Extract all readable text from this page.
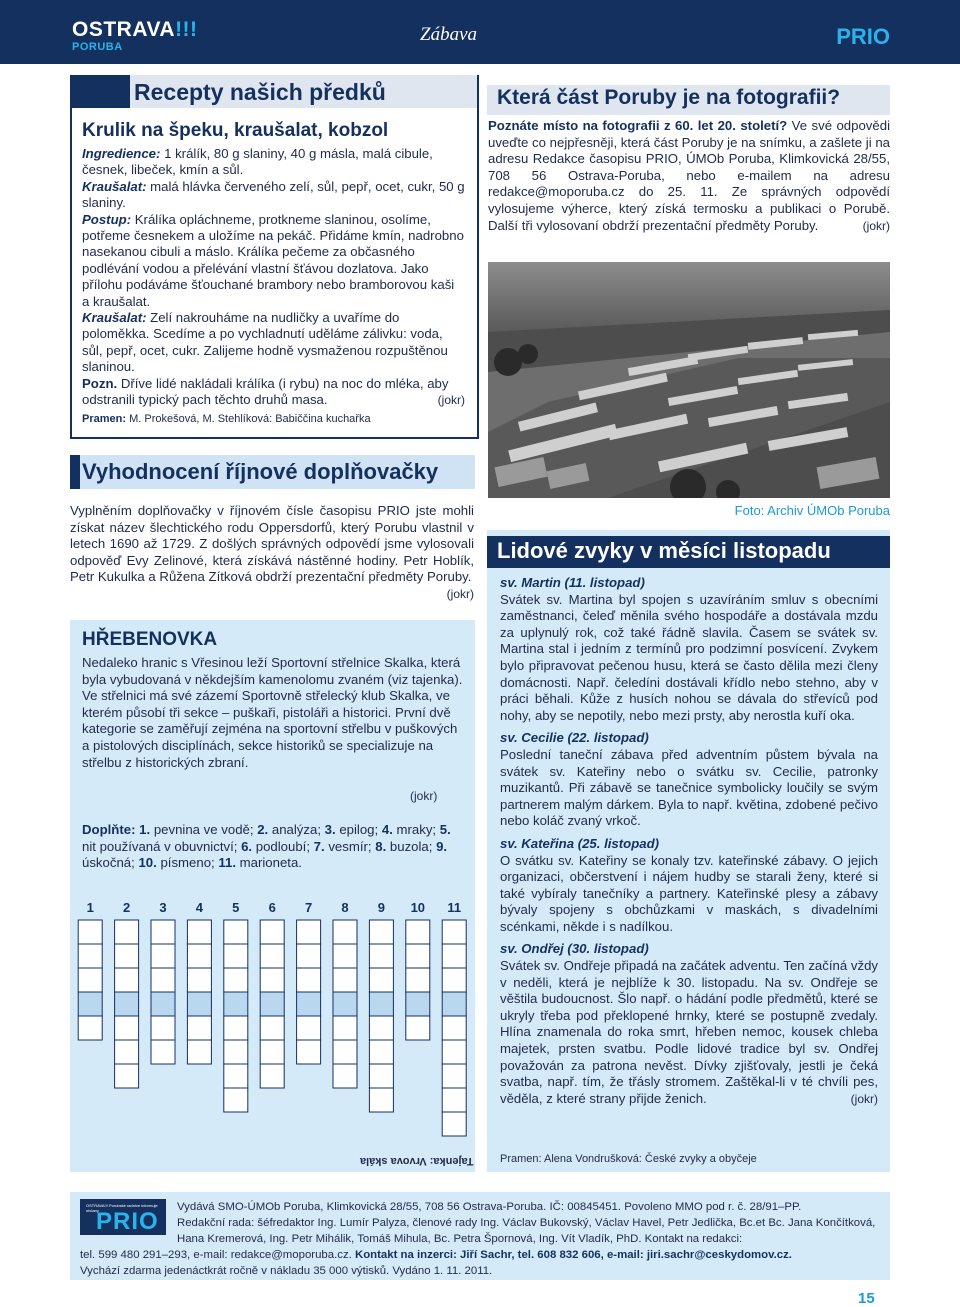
OSTRAVA!!!
PORUBA
Zábava	PRIO
Recepty našich předků
Krulik na špeku, kraušalat, kobzol

Ingredience: 1 králík, 80 g slaniny, 40 g másla, malá cibule, česnek, libeček, kmín a sůl.

Kraušalat: malá hlávka červeného zelí, sůl, pepř, ocet, cukr, 50 g slaniny.

Postup: Králíka opláchneme, protkneme slaninou, osolíme, potřeme česnekem a uložíme na pekáč. Přidáme kmín, nadrobno nasekanou cibuli a máslo. Králíka pečeme za občasného podlévání vodou a přelévání vlastní šťávou dozlatova. Jako přílohu podáváme šťouchané brambory nebo bramborovou kaši a kraušalat.

Kraušalat: Zelí nakrouháme na nudličky a uvaříme do poloměkka. Scedíme a po vychladnutí uděláme zálivku: voda, sůl, pepř, ocet, cukr. Zalijeme hodně vysmaženou rozpuštěnou slaninou.

Pozn. Dříve lidé nakládali králíka (i rybu) na noc do mléka, aby odstranili typický pach těchto druhů masa.	(jokr)

Pramen: M. Prokešová, M. Stehlíková: Babiččina kuchařka
Která část Poruby je na fotografii?
Poznáte místo na fotografii z 60. let 20. století? Ve své odpovědi uveďte co nejpřesněji, která část Poruby je na snímku, a zašlete ji na adresu Redakce časopisu PRIO, ÚMOb Poruba, Klimkovická 28/55, 708 56 Ostrava-Poruba, nebo e-mailem na adresu redakce@moporuba.cz do 25. 11. Ze správných odpovědí vylosujeme výherce, který získá termosku a publikaci o Porubě. Další tři vylosovaní obdrží prezentační předměty Poruby.	(jokr)
Foto: Archiv ÚMOb Poruba
Vyhodnocení říjnové doplňovačky
Vyplněním doplňovačky v říjnovém čísle časopisu PRIO jste mohli získat název šlechtického rodu Oppersdorfů, který Porubu vlastnil v letech 1690 až 1729. Z došlých správných odpovědí jsme vylosovali odpověď Evy Zelinové, která získává nástěnné hodiny. Petr Hoblík, Petr Kukulka a Růžena Zítková obdrží prezentační předměty Poruby.
(jokr)
HŘEBENOVKA
Nedaleko hranic s Vřesinou leží Sportovní střelnice Skalka, která byla vybudovaná v někdejším kamenolomu zvaném (viz tajenka). Ve střelnici má své zázemí Sportovně střelecký klub Skalka, ve kterém působí tři sekce – puškaři, pistoláři a historici. První dvě kategorie se zaměřují zejména na sportovní střelbu v puškových a pistolových disciplínách, sekce historiků se specializuje na střelbu z historických zbraní.
(jokr)
Doplňte: 1. pevnina ve vodě; 2. analýza; 3. epilog; 4. mraky; 5. nit používaná v obuvnictví; 6. podloubí; 7. vesmír; 8. buzola; 9. úskočná; 10. písmeno; 11. marioneta.
1 2 3 4 5 6 7 8 9 10 11
Tajenka: Vrvova skála
Lidové zvyky v měsíci listopadu

sv. Martin (11. listopad)

Svátek sv. Martina byl spojen s uzavíráním smluv s obecními zaměstnanci, čeleď měnila svého hospodáře a dostávala mzdu za uplynulý rok, což také řádně slavila. Časem se svátek sv. Martina stal i jedním z termínů pro podzimní posvícení. Zvykem bylo připravovat pečenou husu, která se často dělila mezi členy domácnosti. Např. čeledíni dostávali křídlo nebo stehno, aby v práci běhali. Kůže z husích nohou se dávala do střevíců pod nohy, aby se nepotily, nebo mezi prsty, aby nerostla kuří oka.

sv. Cecilie (22. listopad)

Poslední taneční zábava před adventním půstem bývala na svátek sv. Kateřiny nebo o svátku sv. Cecilie, patronky muzikantů. Při zábavě se tanečnice symbolicky loučily se svým partnerem malým dárkem. Byla to např. květina, zdobené pečivo nebo koláč zvaný vrkoč.

sv. Kateřina (25. listopad)

O svátku sv. Kateřiny se konaly tzv. kateřinské zábavy. O jejich organizaci, občerstvení i nájem hudby se starali ženy, které si také vybíraly tanečníky a partnery. Kateřinské plesy a zábavy bývaly spojeny s obchůzkami v maskách, s divadelními scénkami, někde i s nadílkou.

sv. Ondřej (30. listopad)

Svátek sv. Ondřeje připadá na začátek adventu. Ten začíná vždy v neděli, která je nejblíže k 30. listopadu. Na sv. Ondřeje se věštila budoucnost. Šlo např. o hádání podle předmětů, které se ukryly třeba pod překlopené hrnky, které se postupně zvedaly. Hlína znamenala do roka smrt, hřeben nemoc, kousek chleba majetek, prsten svatbu. Podle lidové tradice byl sv. Ondřej považován za patrona nevěst. Dívky zjišťovaly, jestli je čeká svatba, např. tím, že třásly stromem. Zaštěkal-li v té chvíli pes, věděla, z které strany přijde ženich.	(jokr)

Pramen: Alena Vondrušková: České zvyky a obyčeje
OSTRAVA!!! Porubské radnice informuje občany
PRIO
Vydává SMO-ÚMOb Poruba, Klimkovická 28/55, 708 56 Ostrava-Poruba. IČ: 00845451. Povoleno MMO pod r. č. 28/91–PP.
Redakční rada: šéfredaktor Ing. Lumír Palyza, členové rady Ing. Václav Bukovský, Václav Havel, Petr Jedlička, Bc.et Bc. Jana Končítková, Hana Kremerová, Ing. Petr Mihálik, Tomáš Mihula, Bc. Petra Špornová, Ing. Vít Vladík, PhD. Kontakt na redakci:
tel. 599 480 291–293, e-mail: redakce@moporuba.cz. Kontakt na inzerci: Jiří Sachr, tel. 608 832 606, e-mail: jiri.sachr@ceskydomov.cz.
Vychází zdarma jedenáctkrát ročně v nákladu 35 000 výtisků. Vydáno 1. 11. 2011.
15
